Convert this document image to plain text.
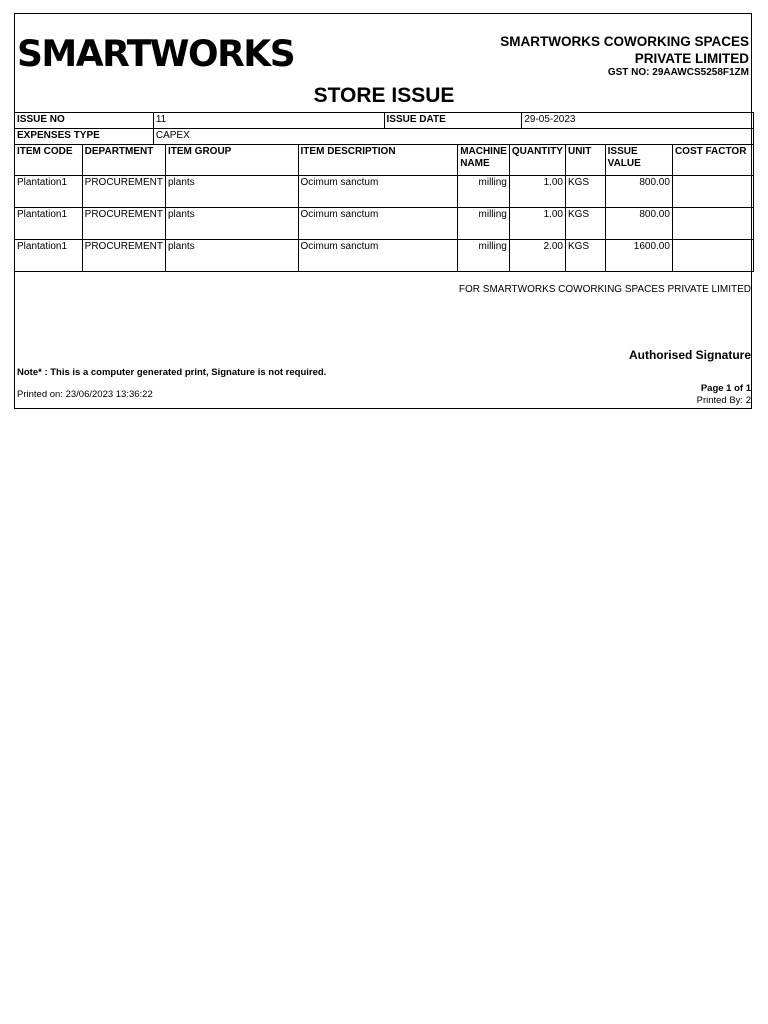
SMARTWORKS	SMARTWORKS COWORKING SPACES
PRIVATE LIMITED
GST NO: 29AAWCS5258F1ZM
STORE ISSUE
ISSUE NO	11	ISSUE DATE	29-05-2023
EXPENSES TYPE	CAPEX		
ITEM CODE	DEPARTMENT	ITEM GROUP	ITEM DESCRIPTION	MACHINE NAME	QUANTITY	UNIT	ISSUE VALUE	COST FACTOR
Plantation1	PROCUREMENT	plants	Ocimum sanctum	milling	1.00	KGS	800.00	
Plantation1	PROCUREMENT	plants	Ocimum sanctum	milling	1.00	KGS	800.00	
Plantation1	PROCUREMENT	plants	Ocimum sanctum	milling	2.00	KGS	1600.00	
FOR SMARTWORKS COWORKING SPACES PRIVATE LIMITED
Authorised Signature
Note* : This is a computer generated print, Signature is not required.
Printed on: 23/06/2023 13:36:22
Page 1 of 1
Printed By: 2
